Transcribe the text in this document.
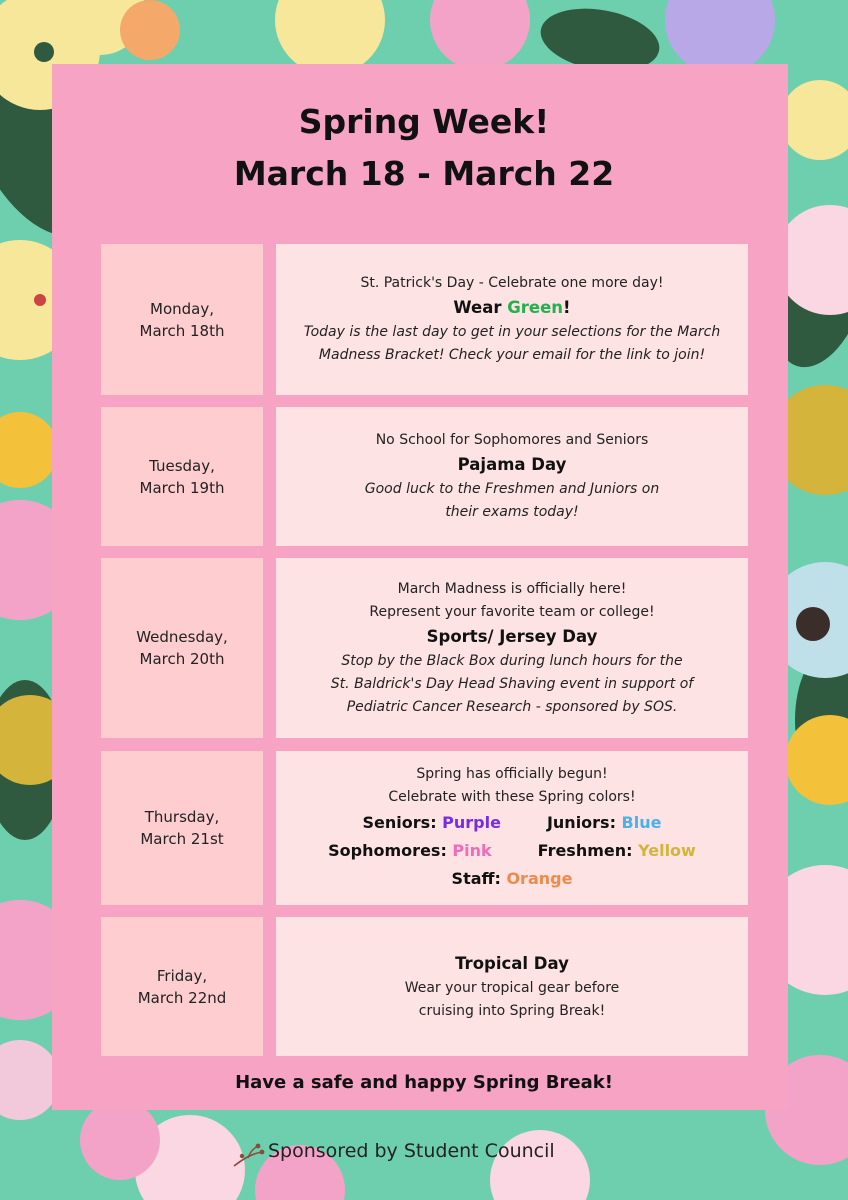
Spring Week!
March 18 - March 22
Monday,
March 18th
St. Patrick's Day - Celebrate one more day!
Wear Green!
Today is the last day to get in your selections for the March
Madness Bracket! Check your email for the link to join!
Tuesday,
March 19th
No School for Sophomores and Seniors
Pajama Day
Good luck to the Freshmen and Juniors on
their exams today!
Wednesday,
March 20th
March Madness is officially here!
Represent your favorite team or college!
Sports/ Jersey Day
Stop by the Black Box during lunch hours for the
St. Baldrick's Day Head Shaving event in support of
Pediatric Cancer Research - sponsored by SOS.
Thursday,
March 21st
Spring has officially begun!
Celebrate with these Spring colors!
Seniors: Purple	Juniors: Blue
Sophomores: Pink	Freshmen: Yellow
Staff: Orange
Friday,
March 22nd
Tropical Day
Wear your tropical gear before
cruising into Spring Break!
Have a safe and happy Spring Break!
Sponsored by Student Council
